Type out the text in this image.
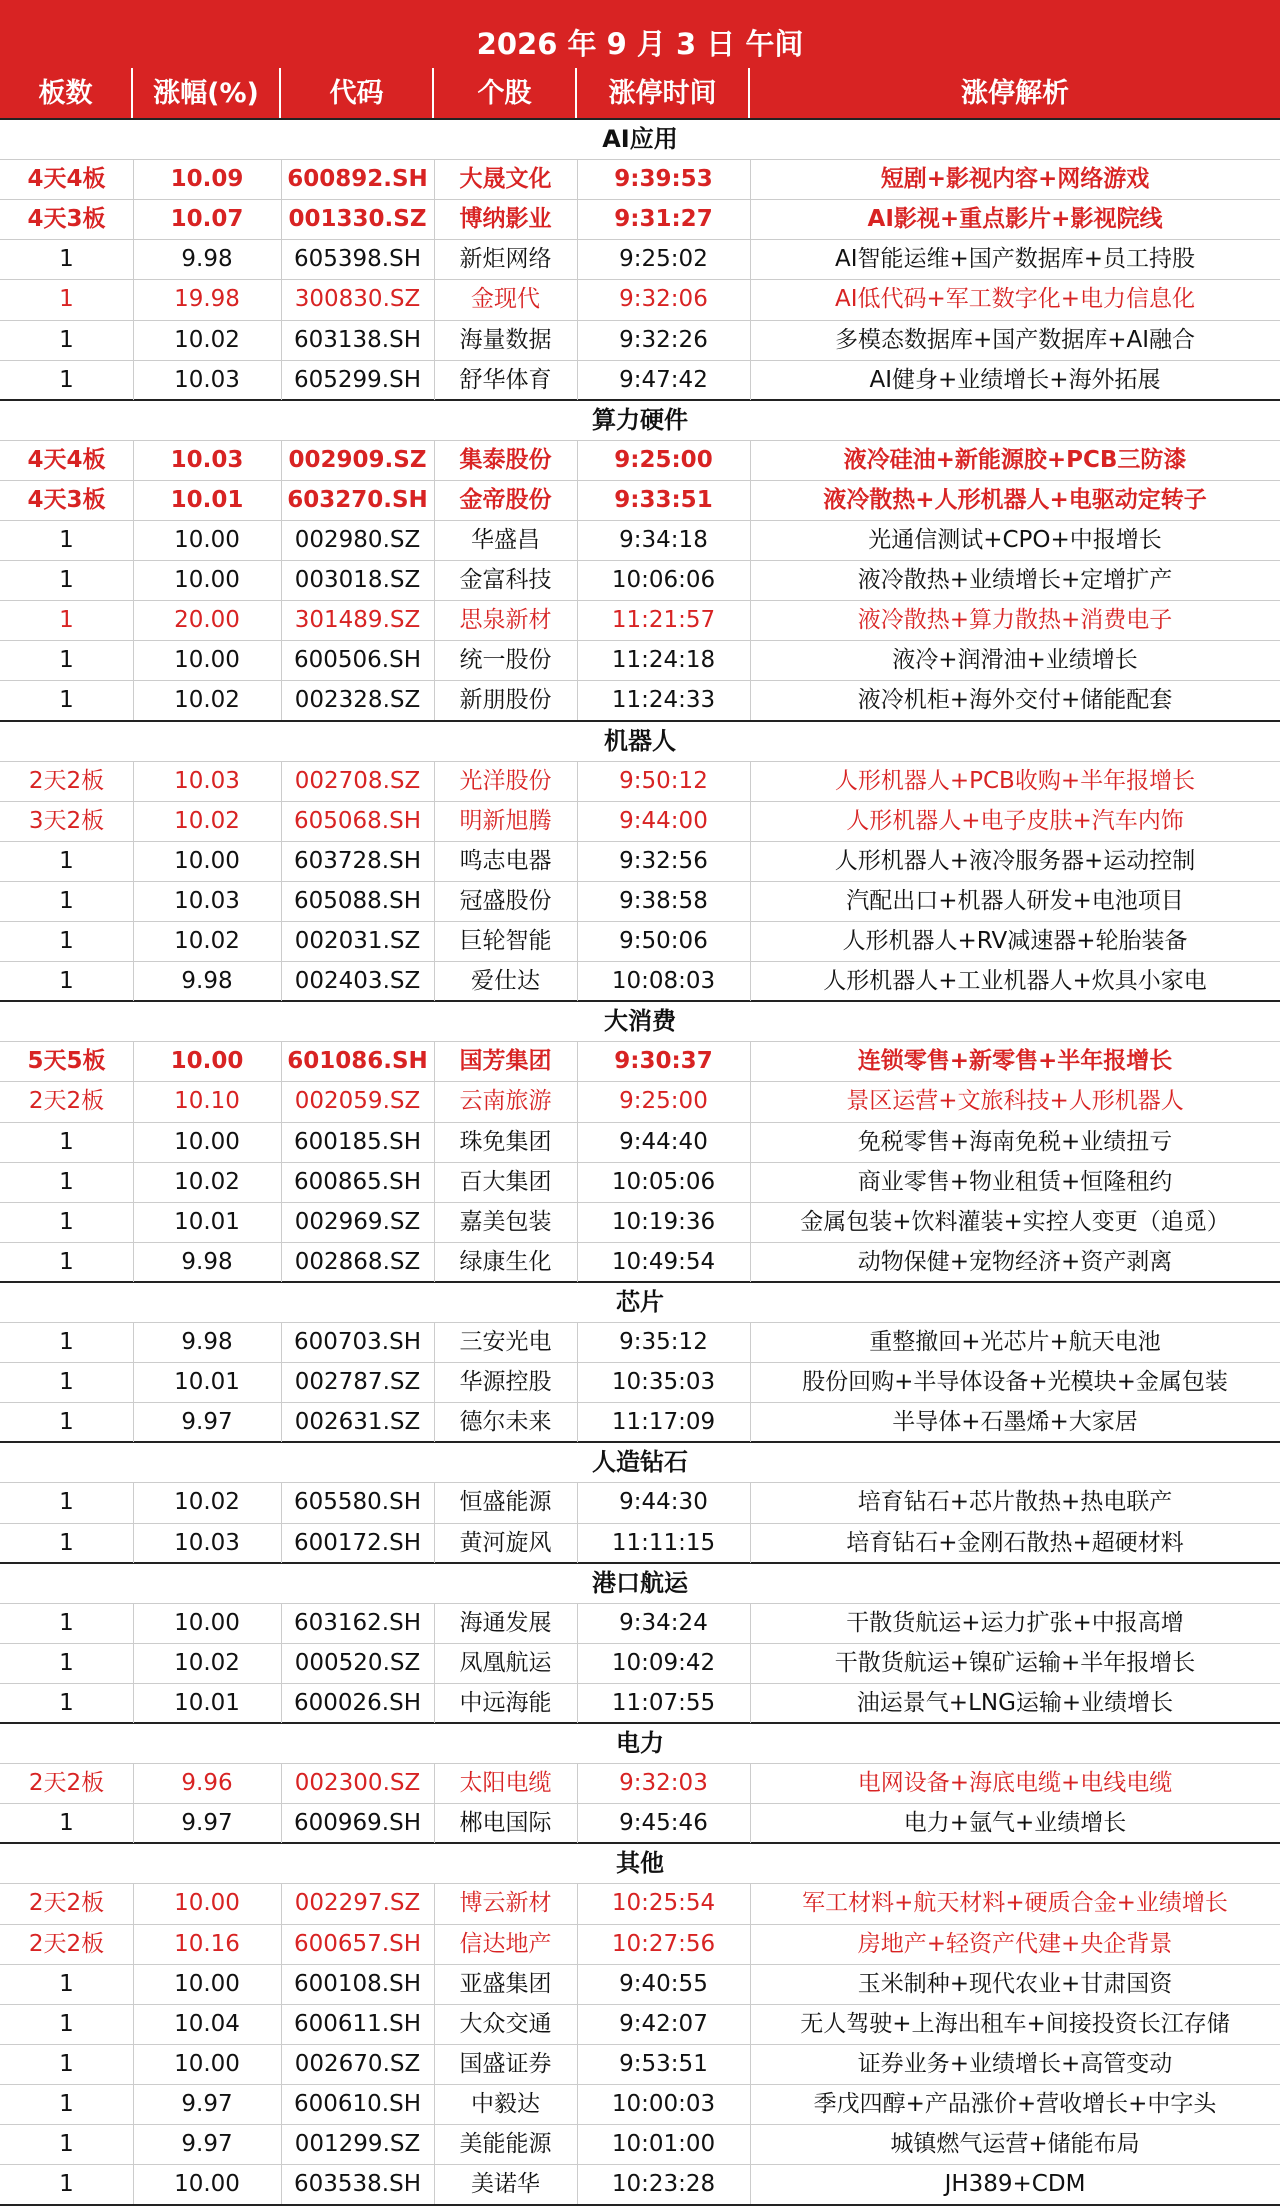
2026 年 9 月 3 日 午间
板数	涨幅(%)	代码	个股	涨停时间	涨停解析
AI应用
4天4板	10.09	600892.SH	大晟文化	9:39:53	短剧+影视内容+网络游戏
4天3板	10.07	001330.SZ	博纳影业	9:31:27	AI影视+重点影片+影视院线
1	9.98	605398.SH	新炬网络	9:25:02	AI智能运维+国产数据库+员工持股
1	19.98	300830.SZ	金现代	9:32:06	AI低代码+军工数字化+电力信息化
1	10.02	603138.SH	海量数据	9:32:26	多模态数据库+国产数据库+AI融合
1	10.03	605299.SH	舒华体育	9:47:42	AI健身+业绩增长+海外拓展
算力硬件
4天4板	10.03	002909.SZ	集泰股份	9:25:00	液冷硅油+新能源胶+PCB三防漆
4天3板	10.01	603270.SH	金帝股份	9:33:51	液冷散热+人形机器人+电驱动定转子
1	10.00	002980.SZ	华盛昌	9:34:18	光通信测试+CPO+中报增长
1	10.00	003018.SZ	金富科技	10:06:06	液冷散热+业绩增长+定增扩产
1	20.00	301489.SZ	思泉新材	11:21:57	液冷散热+算力散热+消费电子
1	10.00	600506.SH	统一股份	11:24:18	液冷+润滑油+业绩增长
1	10.02	002328.SZ	新朋股份	11:24:33	液冷机柜+海外交付+储能配套
机器人
2天2板	10.03	002708.SZ	光洋股份	9:50:12	人形机器人+PCB收购+半年报增长
3天2板	10.02	605068.SH	明新旭腾	9:44:00	人形机器人+电子皮肤+汽车内饰
1	10.00	603728.SH	鸣志电器	9:32:56	人形机器人+液冷服务器+运动控制
1	10.03	605088.SH	冠盛股份	9:38:58	汽配出口+机器人研发+电池项目
1	10.02	002031.SZ	巨轮智能	9:50:06	人形机器人+RV减速器+轮胎装备
1	9.98	002403.SZ	爱仕达	10:08:03	人形机器人+工业机器人+炊具小家电
大消费
5天5板	10.00	601086.SH	国芳集团	9:30:37	连锁零售+新零售+半年报增长
2天2板	10.10	002059.SZ	云南旅游	9:25:00	景区运营+文旅科技+人形机器人
1	10.00	600185.SH	珠免集团	9:44:40	免税零售+海南免税+业绩扭亏
1	10.02	600865.SH	百大集团	10:05:06	商业零售+物业租赁+恒隆租约
1	10.01	002969.SZ	嘉美包装	10:19:36	金属包装+饮料灌装+实控人变更（追觅）
1	9.98	002868.SZ	绿康生化	10:49:54	动物保健+宠物经济+资产剥离
芯片
1	9.98	600703.SH	三安光电	9:35:12	重整撤回+光芯片+航天电池
1	10.01	002787.SZ	华源控股	10:35:03	股份回购+半导体设备+光模块+金属包装
1	9.97	002631.SZ	德尔未来	11:17:09	半导体+石墨烯+大家居
人造钻石
1	10.02	605580.SH	恒盛能源	9:44:30	培育钻石+芯片散热+热电联产
1	10.03	600172.SH	黄河旋风	11:11:15	培育钻石+金刚石散热+超硬材料
港口航运
1	10.00	603162.SH	海通发展	9:34:24	干散货航运+运力扩张+中报高增
1	10.02	000520.SZ	凤凰航运	10:09:42	干散货航运+镍矿运输+半年报增长
1	10.01	600026.SH	中远海能	11:07:55	油运景气+LNG运输+业绩增长
电力
2天2板	9.96	002300.SZ	太阳电缆	9:32:03	电网设备+海底电缆+电线电缆
1	9.97	600969.SH	郴电国际	9:45:46	电力+氩气+业绩增长
其他
2天2板	10.00	002297.SZ	博云新材	10:25:54	军工材料+航天材料+硬质合金+业绩增长
2天2板	10.16	600657.SH	信达地产	10:27:56	房地产+轻资产代建+央企背景
1	10.00	600108.SH	亚盛集团	9:40:55	玉米制种+现代农业+甘肃国资
1	10.04	600611.SH	大众交通	9:42:07	无人驾驶+上海出租车+间接投资长江存储
1	10.00	002670.SZ	国盛证券	9:53:51	证券业务+业绩增长+高管变动
1	9.97	600610.SH	中毅达	10:00:03	季戊四醇+产品涨价+营收增长+中字头
1	9.97	001299.SZ	美能能源	10:01:00	城镇燃气运营+储能布局
1	10.00	603538.SH	美诺华	10:23:28	JH389+CDM
